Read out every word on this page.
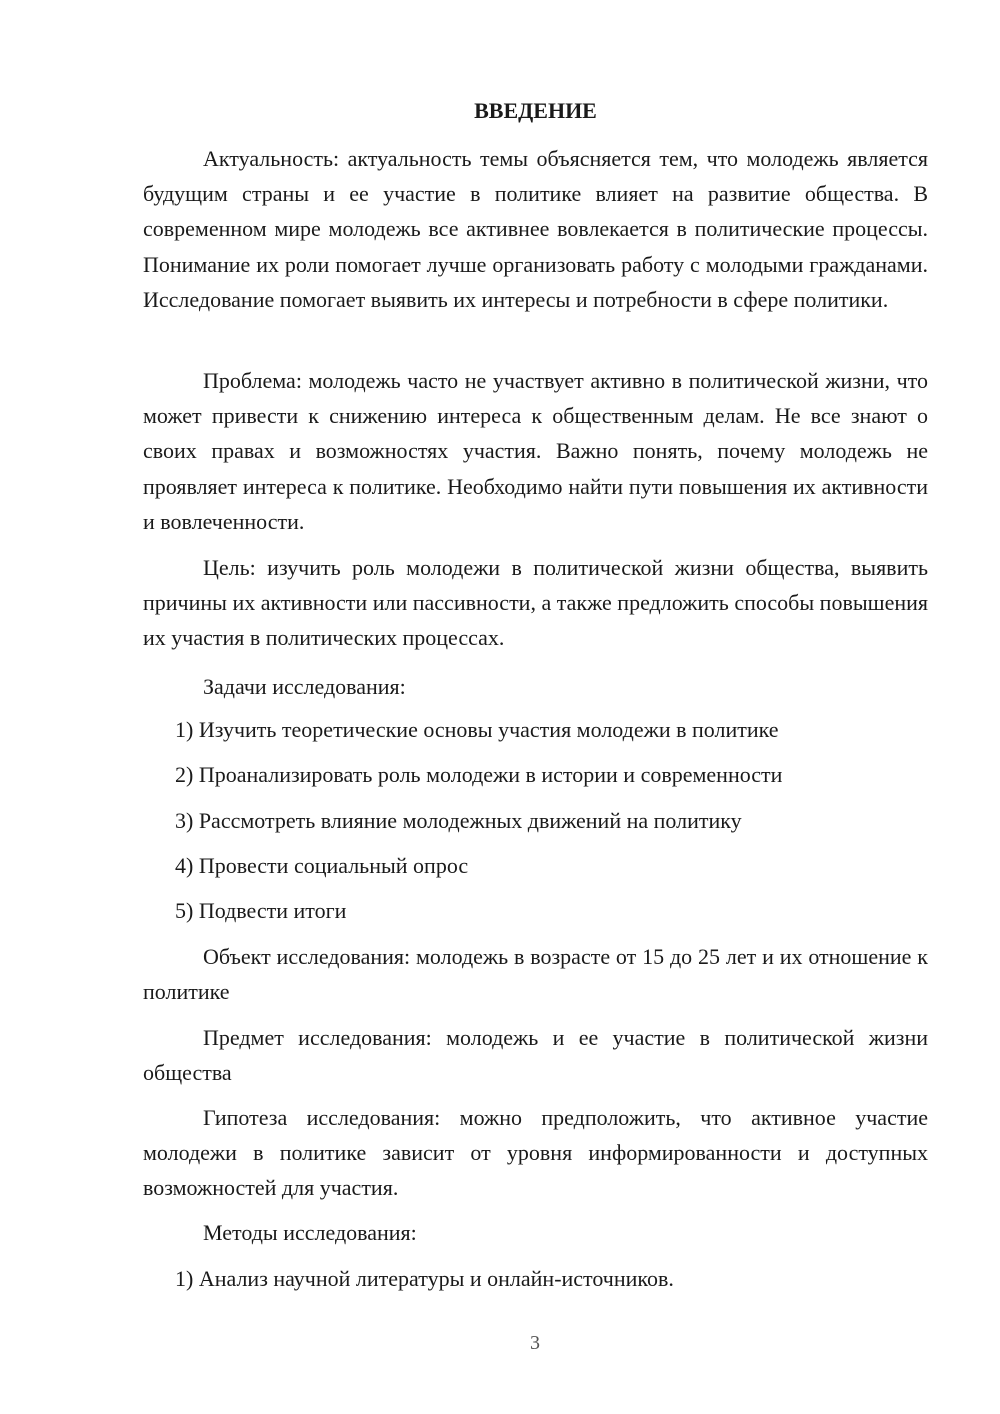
ВВЕДЕНИЕ

Актуальность: актуальность темы объясняется тем, что молодежь является будущим страны и ее участие в политике влияет на развитие общества. В современном мире молодежь все активнее вовлекается в политические процессы. Понимание их роли помогает лучше организовать работу с молодыми гражданами. Исследование помогает выявить их интересы и потребности в сфере политики.

Проблема: молодежь часто не участвует активно в политической жизни, что может привести к снижению интереса к общественным делам. Не все знают о своих правах и возможностях участия. Важно понять, почему молодежь не проявляет интереса к политике. Необходимо найти пути повышения их активности и вовлеченности.

Цель: изучить роль молодежи в политической жизни общества, выявить причины их активности или пассивности, а также предложить способы повышения их участия в политических процессах.

Задачи исследования:

1) Изучить теоретические основы участия молодежи в политике
2) Проанализировать роль молодежи в истории и современности
3) Рассмотреть влияние молодежных движений на политику
4) Провести социальный опрос
5) Подвести итоги

Объект исследования: молодежь в возрасте от 15 до 25 лет и их отношение к политике

Предмет исследования: молодежь и ее участие в политической жизни общества

Гипотеза исследования: можно предположить, что активное участие молодежи в политике зависит от уровня информированности и доступных возможностей для участия.

Методы исследования:

1) Анализ научной литературы и онлайн-источников.
3
